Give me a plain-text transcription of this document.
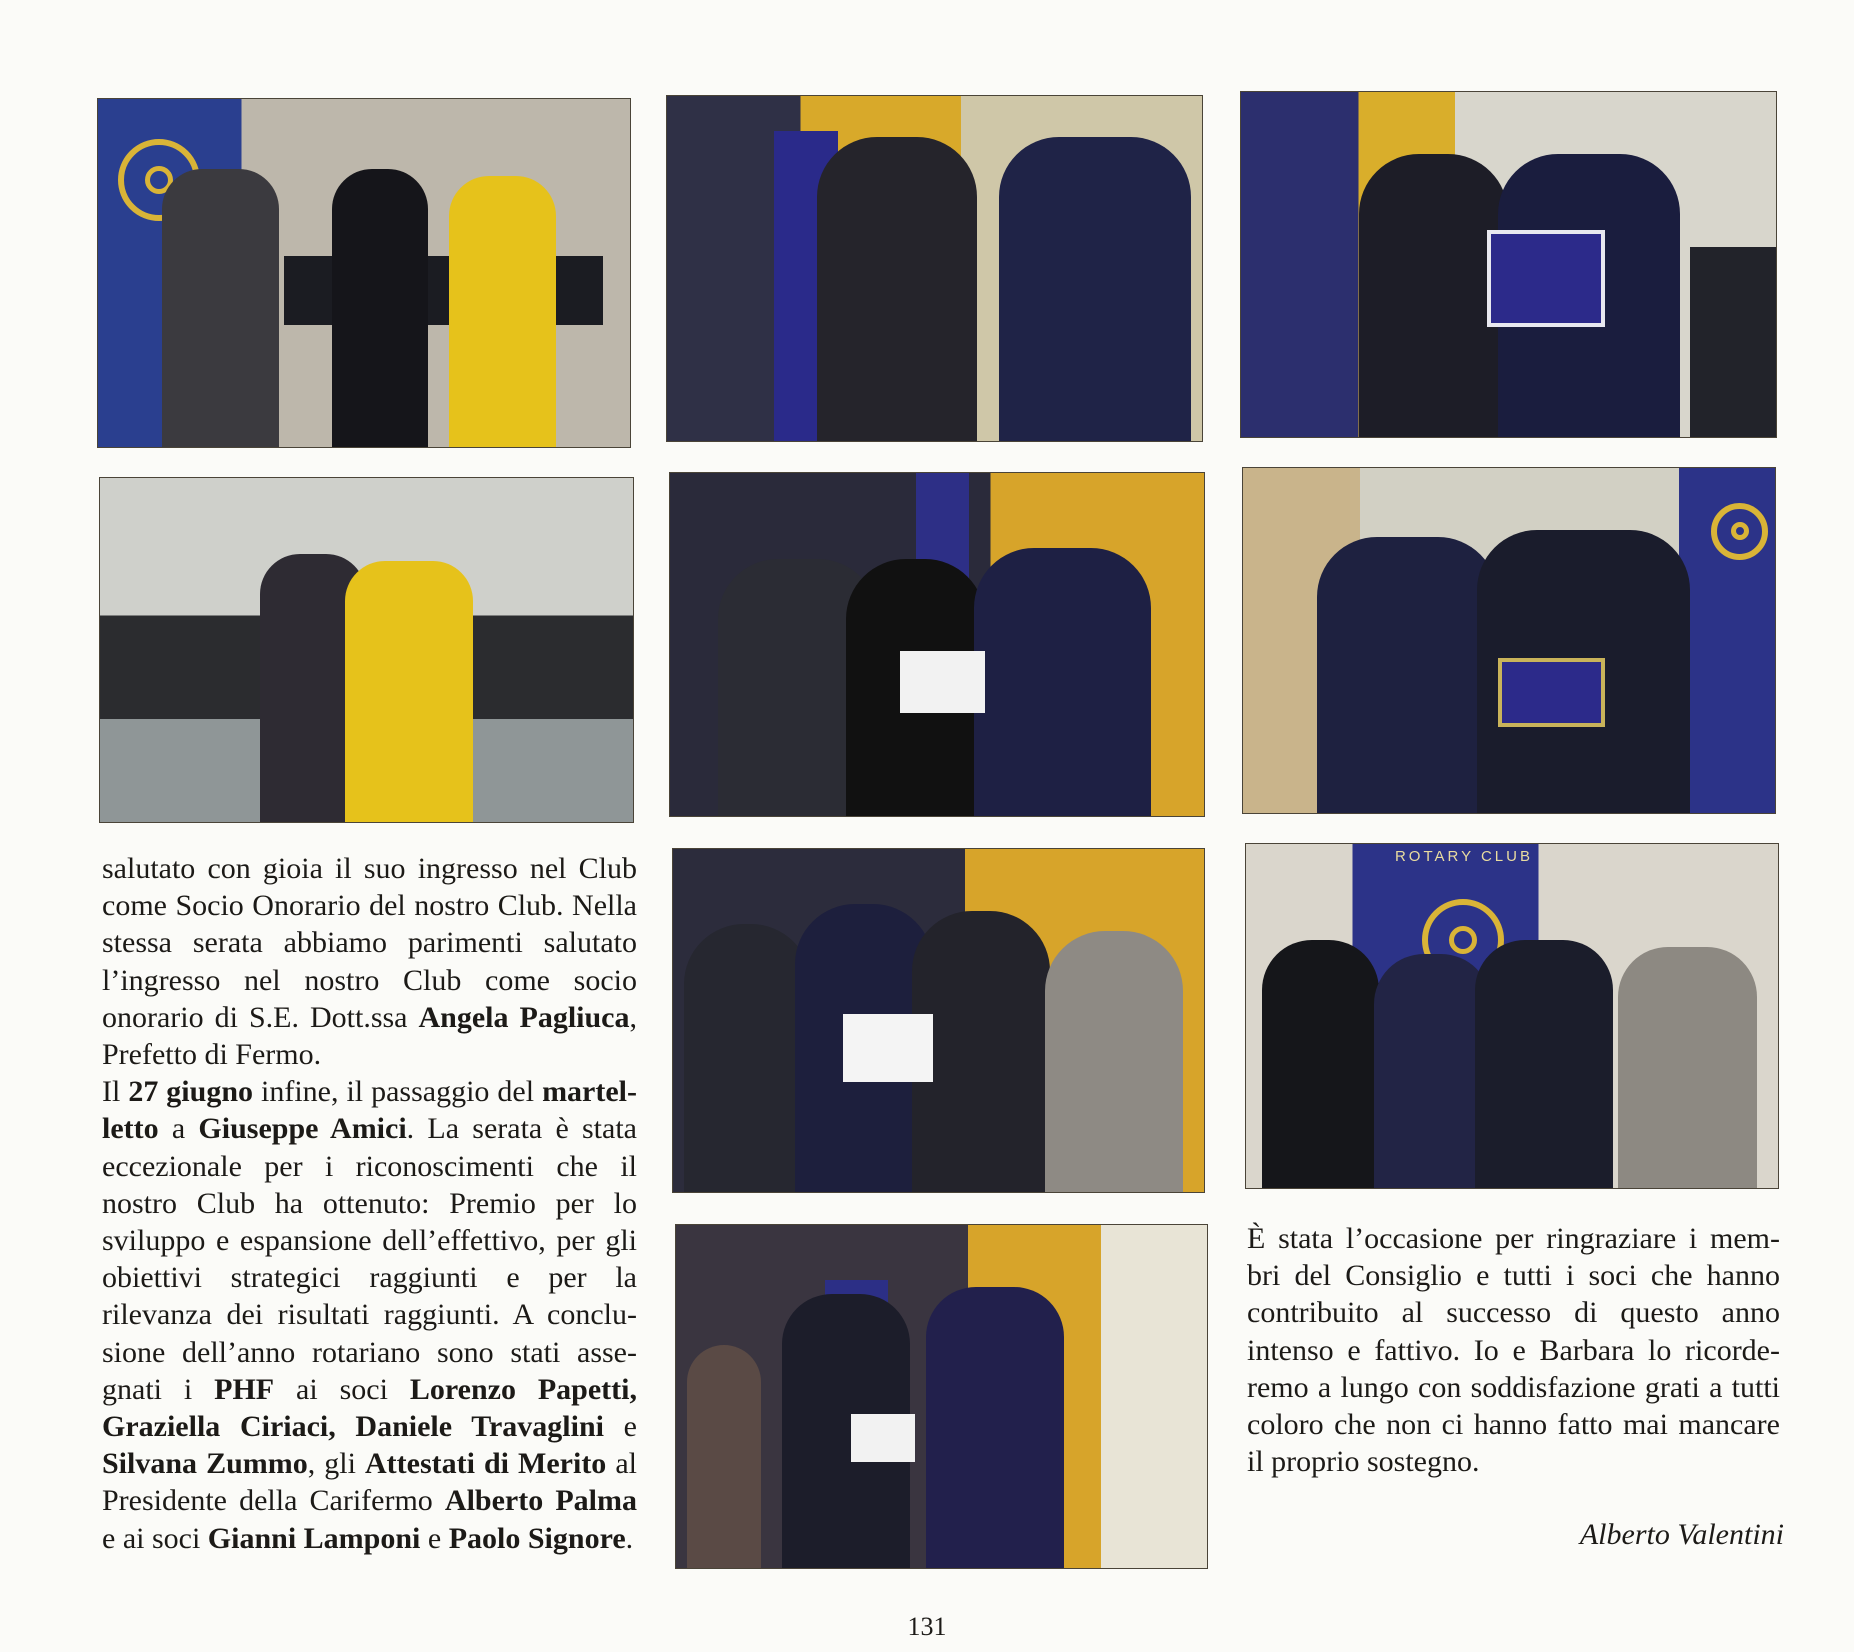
ROTARY CLUB

salutato con gioia il suo ingresso nel Club come Socio Onorario del nostro Club. Nella stessa serata abbiamo parimenti salutato l’ingresso nel nostro Club come socio onorario di S.E. Dott.ssa Angela Pagliuca, Prefetto di Fermo.

Il 27 giugno infine, il passaggio del martel-letto a Giuseppe Amici. La serata è stata eccezionale per i riconoscimenti che il nostro Club ha ottenuto: Premio per lo sviluppo e espansione dell’effettivo, per gli obiettivi strategici raggiunti e per la rilevanza dei risultati raggiunti. A conclu-sione dell’anno rotariano sono stati asse-gnati i PHF ai soci Lorenzo Papetti, Graziella Ciriaci, Daniele Travaglini e Silvana Zummo, gli Attestati di Merito al Presidente della Carifermo Alberto Palma e ai soci Gianni Lamponi e Paolo Signore.

È stata l’occasione per ringraziare i mem-bri del Consiglio e tutti i soci che hanno contribuito al successo di questo anno intenso e fattivo. Io e Barbara lo ricorde-remo a lungo con soddisfazione grati a tutti coloro che non ci hanno fatto mai mancare il proprio sostegno.

Alberto Valentini
131
